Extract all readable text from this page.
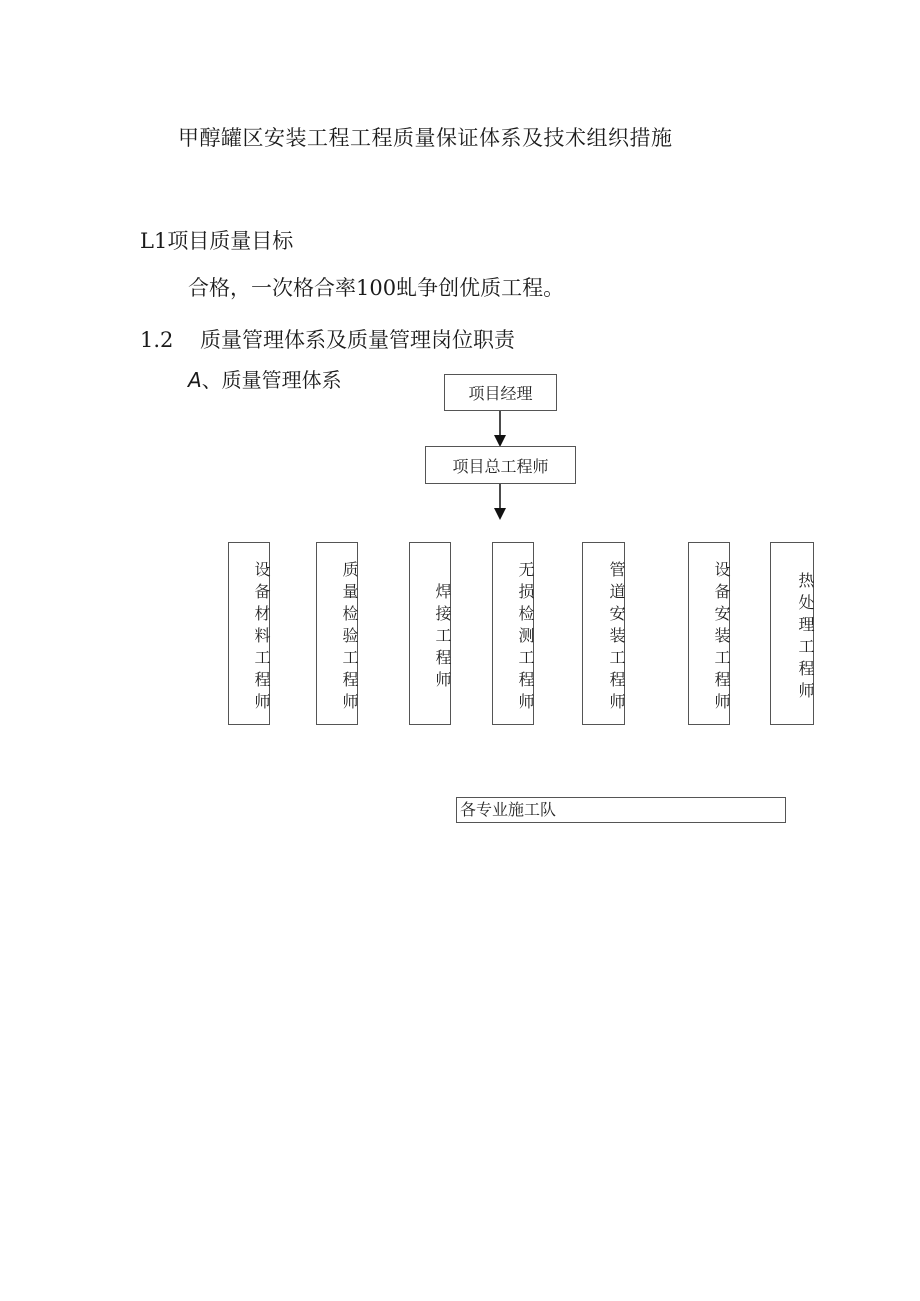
甲醇罐区安装工程工程质量保证体系及技术组织措施
L1项目质量目标
合格，一次格合率100虬争创优质工程。
1.2 质量管理体系及质量管理岗位职责
A、质量管理体系
项目经理
项目总工程师
设备材料工程师	质量检验工程师	焊接工程师	无损检测工程师	管道安装工程师	设备安装工程师	热处理工程师
各专业施工队
